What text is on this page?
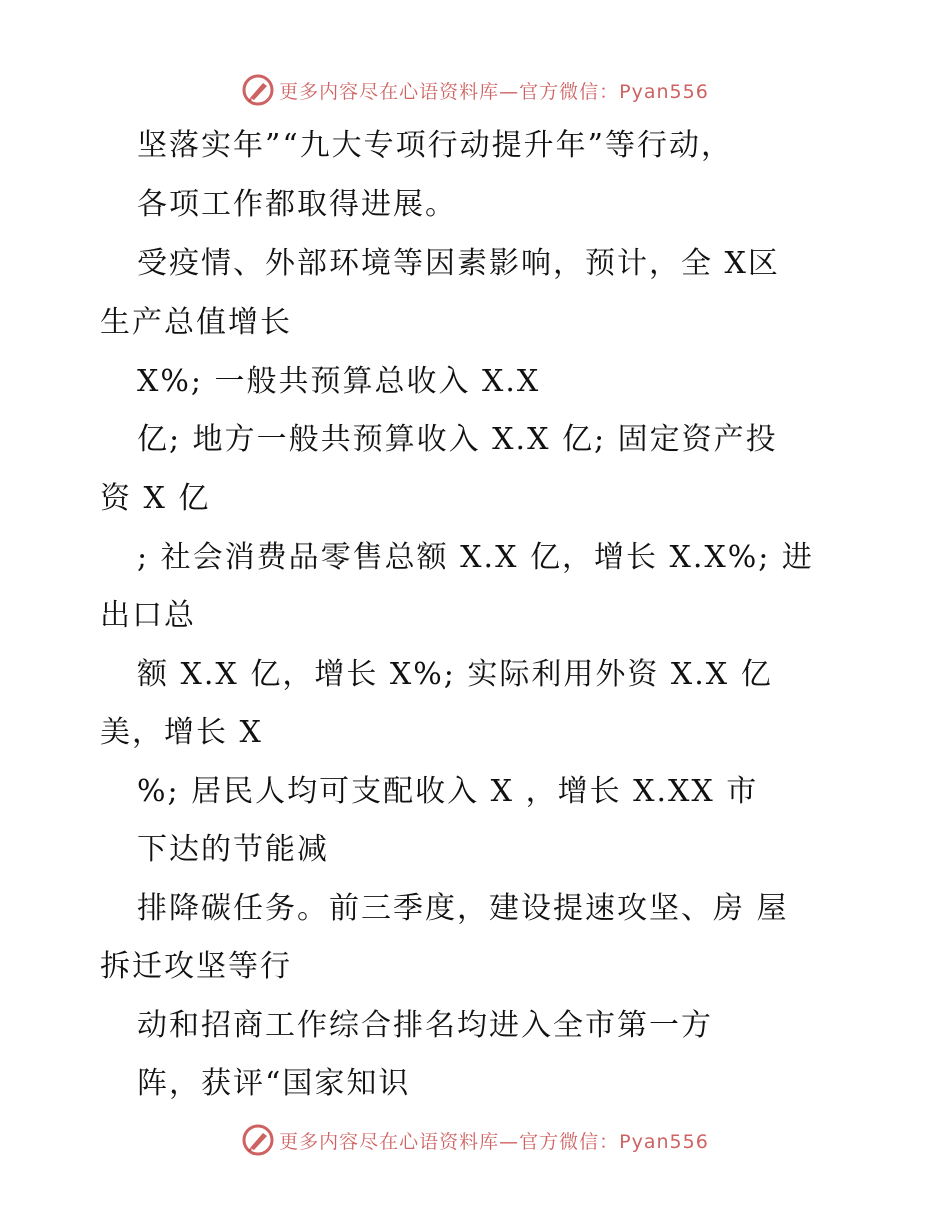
更多内容尽在心语资料库—官方微信：Pyan556
坚落实年”“九大专项行动提升年”等行动，
各项工作都取得进展。
受疫情、外部环境等因素影响，预计，全 X区
生产总值增长
X%; 一般共预算总收入 X.X
亿; 地方一般共预算收入 X.X 亿; 固定资产投
资 X 亿
; 社会消费品零售总额 X.X 亿，增长 X.X%; 进
出口总
额 X.X 亿，增长 X%; 实际利用外资 X.X 亿
美，增长 X
%; 居民人均可支配收入 X ，增长 X.XX 市
下达的节能减
排降碳任务。前三季度，建设提速攻坚、房 屋
拆迁攻坚等行
动和招商工作综合排名均进入全市第一方
阵，获评“国家知识
更多内容尽在心语资料库—官方微信：Pyan556
